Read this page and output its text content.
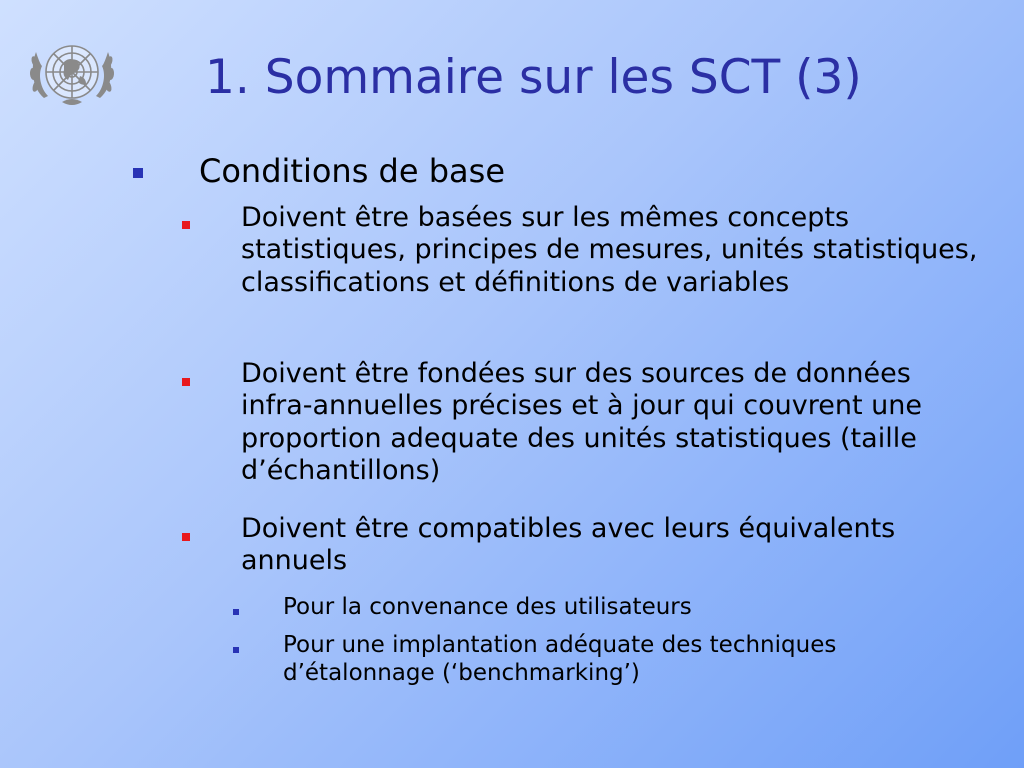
1. Sommaire sur les SCT (3)

Conditions de base

Doivent être basées sur les mêmes concepts statistiques, principes de mesures, unités statistiques, classifications et définitions de variables

Doivent être fondées sur des sources de données infra-annuelles précises et à jour qui couvrent une proportion adequate des unités statistiques (taille d’échantillons)

Doivent être compatibles avec leurs équivalents annuels

Pour la convenance des utilisateurs

Pour une implantation adéquate des techniques d’étalonnage (‘benchmarking’)
